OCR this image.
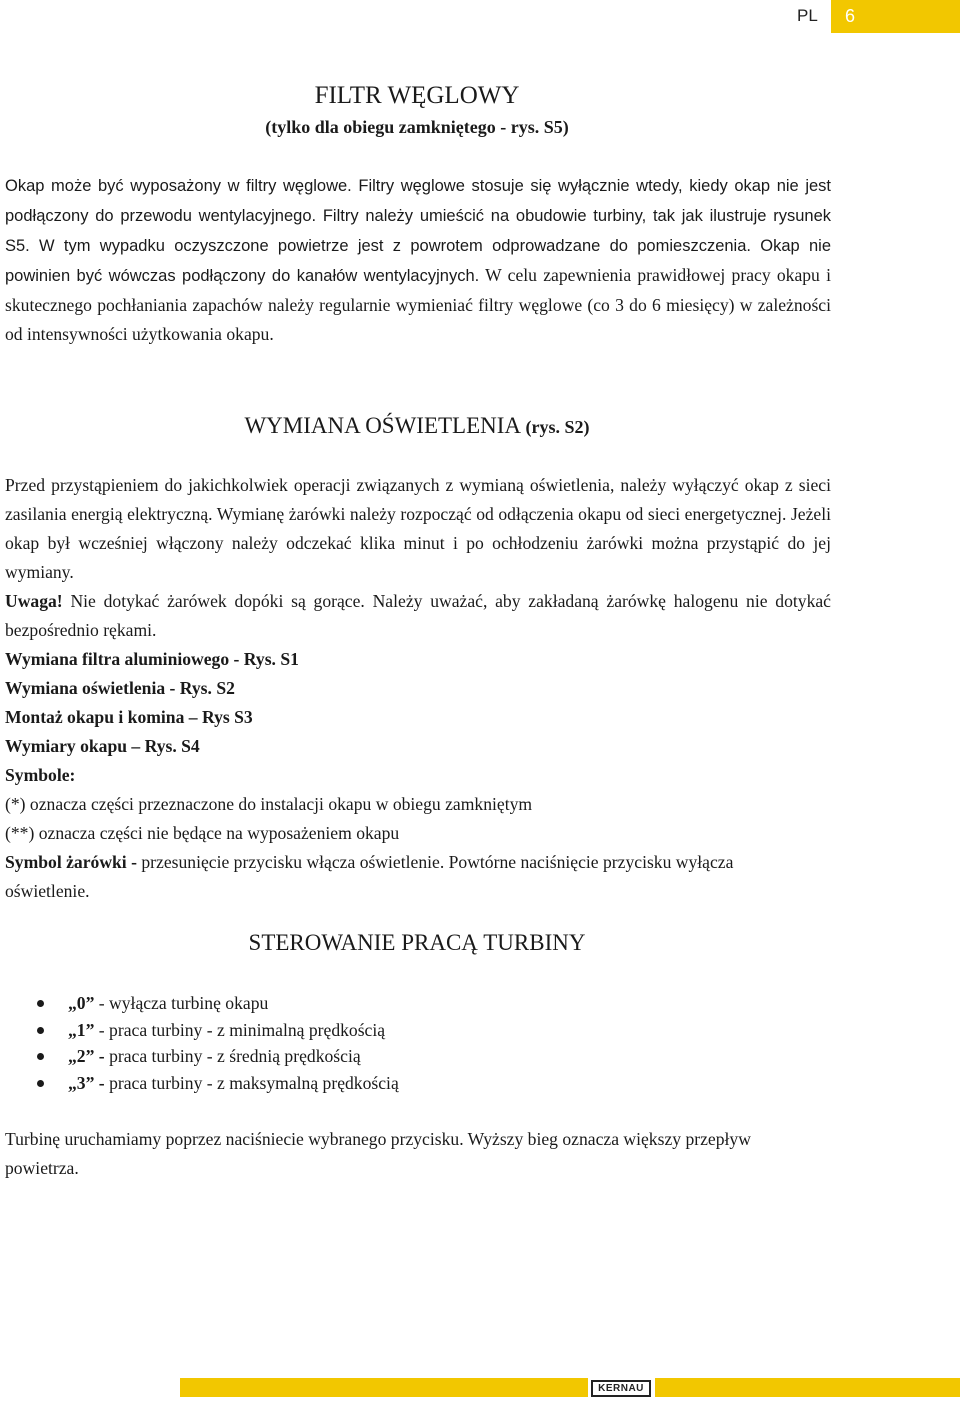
PL	6
FILTR WĘGLOWY

(tylko dla obiegu zamkniętego - rys. S5)

Okap może być wyposażony w filtry węglowe. Filtry węglowe stosuje się wyłącznie wtedy, kiedy okap nie jest podłączony do przewodu wentylacyjnego. Filtry należy umieścić na obudowie turbiny, tak jak ilustruje rysunek S5. W tym wypadku oczyszczone powietrze jest z powrotem odprowadzane do pomieszczenia. Okap nie powinien być wówczas podłączony do kanałów wentylacyjnych. W celu zapewnienia prawidłowej pracy okapu i skutecznego pochłaniania zapachów należy regularnie wymieniać filtry węglowe (co 3 do 6 miesięcy) w zależności od intensywności użytkowania okapu.

WYMIANA OŚWIETLENIA (rys. S2)

Przed przystąpieniem do jakichkolwiek operacji związanych z wymianą oświetlenia, należy wyłączyć okap z sieci zasilania energią elektryczną. Wymianę żarówki należy rozpocząć od odłączenia okapu od sieci energetycznej. Jeżeli okap był wcześniej włączony należy odczekać klika minut i po ochłodzeniu żarówki można przystąpić do jej wymiany.

Uwaga! Nie dotykać żarówek dopóki są gorące. Należy uważać, aby zakładaną żarówkę halogenu nie dotykać bezpośrednio rękami.

Wymiana filtra aluminiowego - Rys. S1
Wymiana oświetlenia - Rys. S2
Montaż okapu i komina – Rys S3
Wymiary okapu – Rys. S4
Symbole:
(*) oznacza części przeznaczone do instalacji okapu w obiegu zamkniętym
(**) oznacza części nie będące na wyposażeniem okapu

Symbol żarówki - przesunięcie przycisku włącza oświetlenie. Powtórne naciśnięcie przycisku wyłącza oświetlenie.

STEROWANIE PRACĄ TURBINY
„0” - wyłącza turbinę okapu
„1” - praca turbiny - z minimalną prędkością
„2” - praca turbiny - z średnią prędkością
„3” - praca turbiny - z maksymalną prędkością

Turbinę uruchamiamy poprzez naciśniecie wybranego przycisku. Wyższy bieg oznacza większy przepływ powietrza.

KERNAU
